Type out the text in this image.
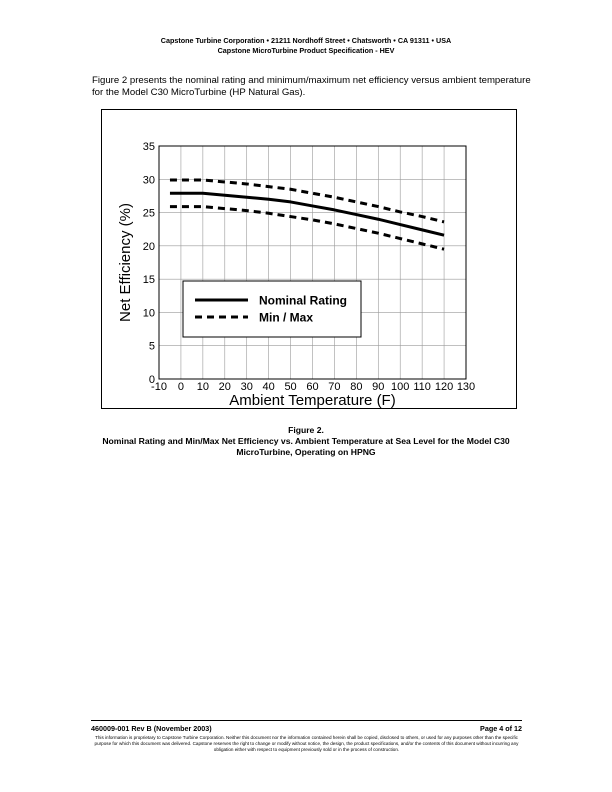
Capstone Turbine Corporation • 21211 Nordhoff Street • Chatsworth • CA 91311 • USA
Capstone MicroTurbine Product Specification - HEV
Figure 2 presents the nominal rating and minimum/maximum net efficiency versus ambient temperature for the Model C30 MicroTurbine (HP Natural Gas).
-10 0 10 20 30 40 50 60 70 80 90 100 110 120 130
0
5
10
15
20
25
30
35
Ambient Temperature (F)
Net Efficiency (%)	Nominal Rating
Min / Max
Figure 2.
Nominal Rating and Min/Max Net Efficiency vs. Ambient Temperature at Sea Level for the Model C30 MicroTurbine, Operating on HPNG
460009-001 Rev B (November 2003)	Page 4 of 12
This information is proprietary to Capstone Turbine Corporation. Neither this document nor the information contained herein shall be copied, disclosed to others, or used for any purposes other than the specific purpose for which this document was delivered. Capstone reserves the right to change or modify without notice, the design, the product specifications, and/or the contents of this document without incurring any obligation either with respect to equipment previously sold or in the process of construction.
